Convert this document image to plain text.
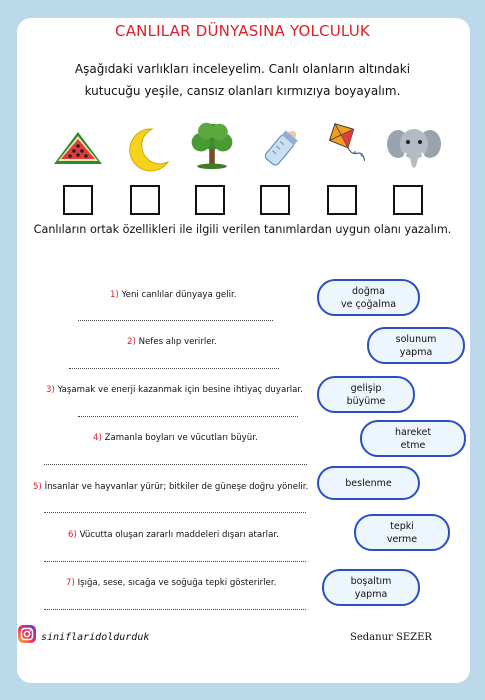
CANLILAR DÜNYASINA YOLCULUK
Aşağıdaki varlıkları inceleyelim. Canlı olanların altındaki
kutucuğu yeşile, cansız olanları kırmızıya boyayalım.
Canlıların ortak özellikleri ile ilgili verilen tanımlardan uygun olanı yazalım.
1) Yeni canlılar dünyaya gelir.
2) Nefes alıp verirler.
3) Yaşamak ve enerji kazanmak için besine ihtiyaç duyarlar.
4) Zamanla boyları ve vücutları büyür.
5) İnsanlar ve hayvanlar yürür; bitkiler de güneşe doğru yönelir.
6) Vücutta oluşan zararlı maddeleri dışarı atarlar.
7) Işığa, sese, sıcağa ve soğuğa tepki gösterirler.
doğma
ve çoğalma
solunum
yapma
gelişip
büyüme
hareket
etme
beslenme
tepki
verme
boşaltım
yapma
siniflaridoldurduk	Sedanur SEZER
